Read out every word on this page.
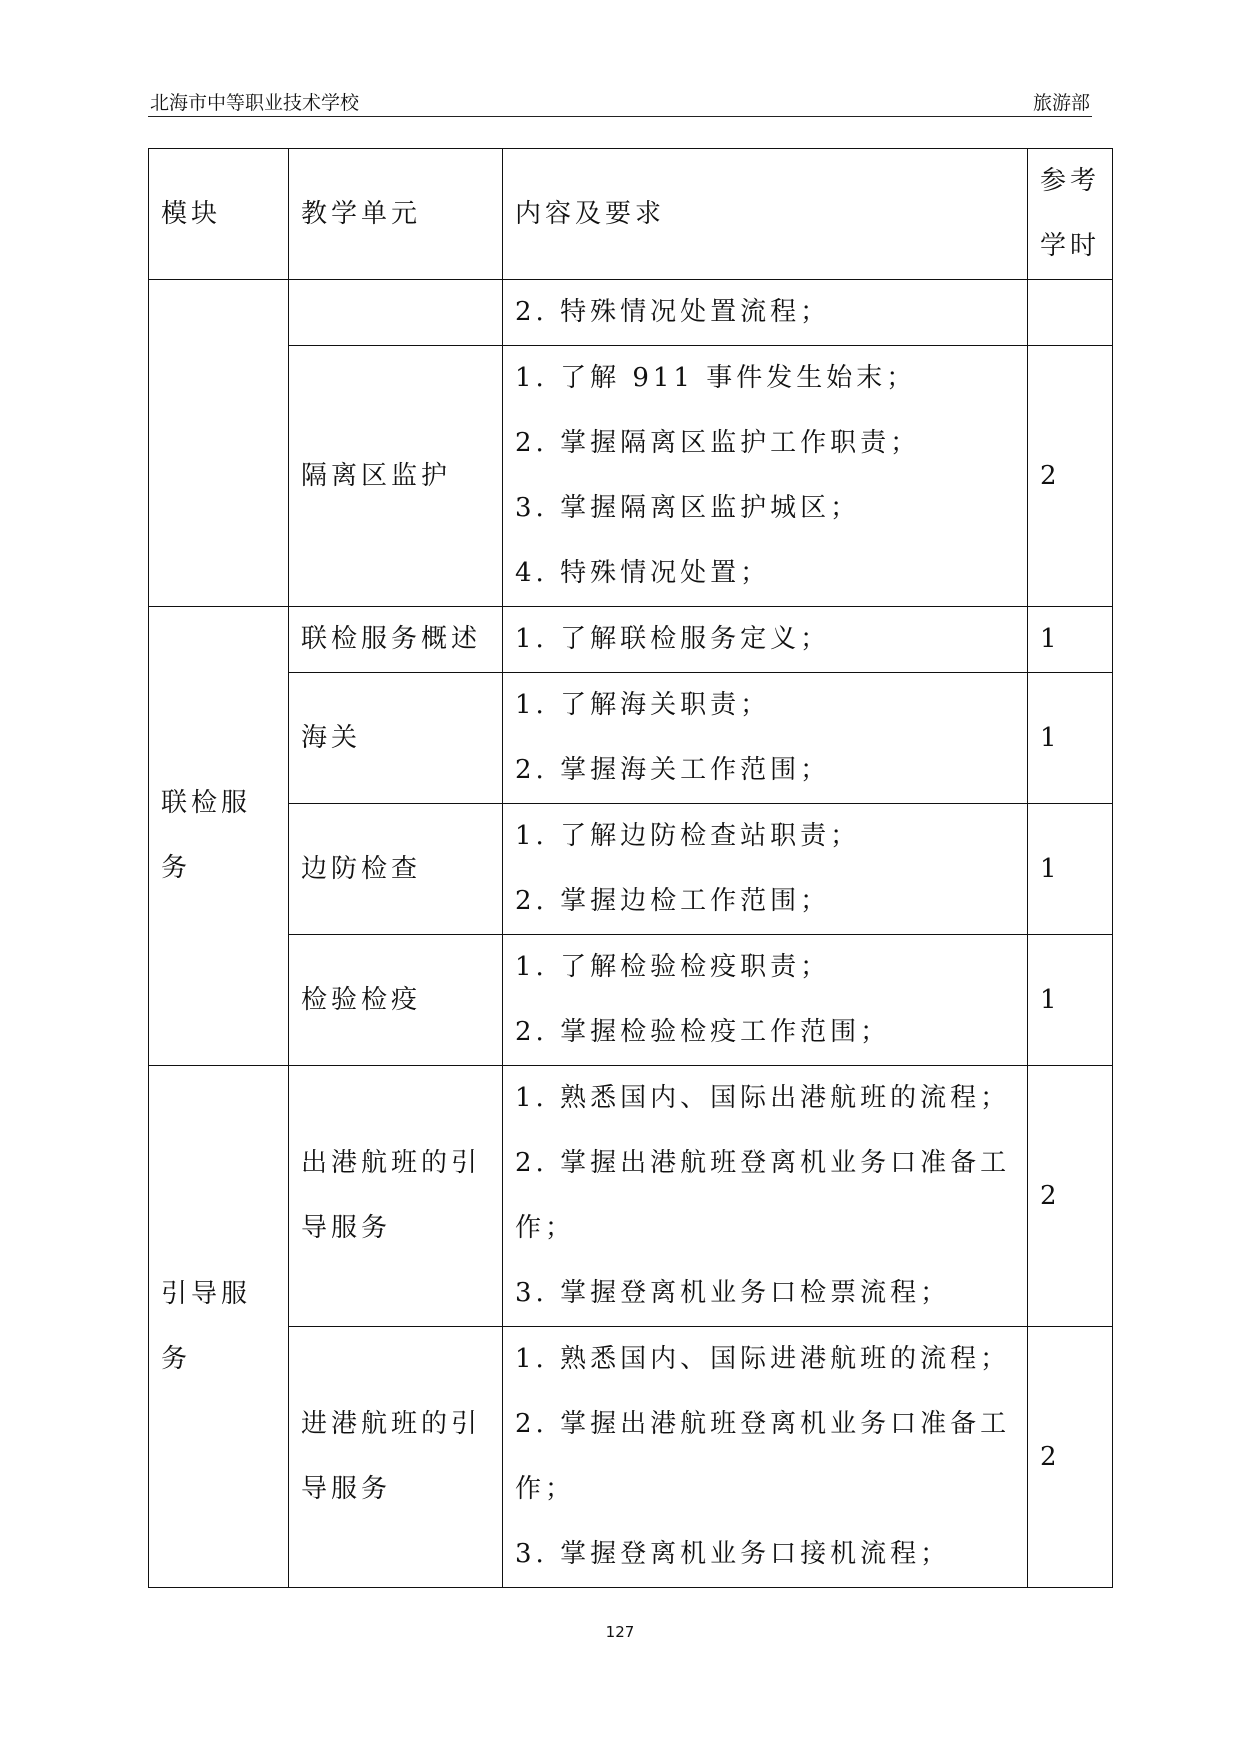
北海市中等职业技术学校	旅游部
模块	教学单元	内容及要求	参考
学时

		2. 特殊情况处置流程；	

	隔离区监护	1. 了解 911 事件发生始末；
2. 掌握隔离区监护工作职责；
3. 掌握隔离区监护城区；
4. 特殊情况处置；	2
联检服务	联检服务概述	1. 了解联检服务定义；	1
	海关	1. 了解海关职责；
2. 掌握海关工作范围；	1
	边防检查	1. 了解边防检查站职责；
2. 掌握边检工作范围；	1
	检验检疫	1. 了解检验检疫职责；
2. 掌握检验检疫工作范围；	1
引导服务	出港航班的引
导服务	1. 熟悉国内、国际出港航班的流程；
2. 掌握出港航班登离机业务口准备工
作；
3. 掌握登离机业务口检票流程；	2

	进港航班的引
导服务	1. 熟悉国内、国际进港航班的流程；
2. 掌握出港航班登离机业务口准备工
作；
3. 掌握登离机业务口接机流程；	2
127
